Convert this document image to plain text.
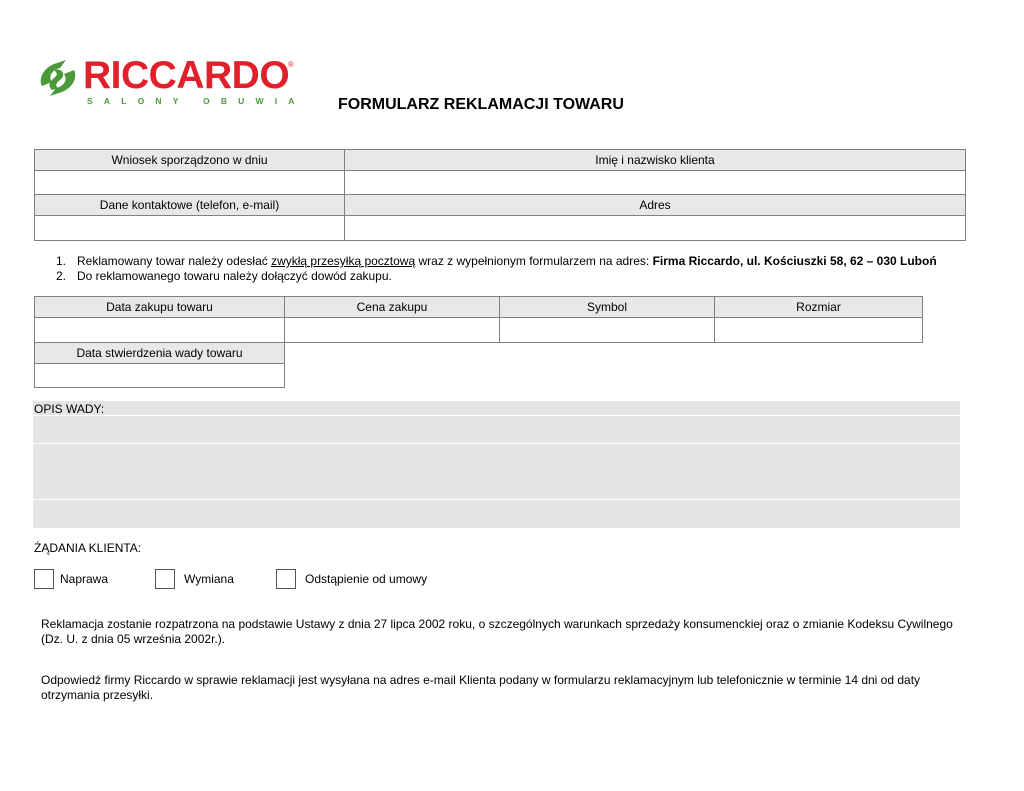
RICCARDO
®
SALONY OBUWIA FORMULARZ REKLAMACJI TOWARU
Wniosek sporządzono w dniu	Imię i nazwisko klienta

Dane kontaktowe (telefon, e-mail)	Adres

1. Reklamowany towar należy odesłać zwykłą przesyłką pocztową wraz z wypełnionym formularzem na adres: Firma Riccardo, ul. Kościuszki 58, 62 – 030 Luboń
2. Do reklamowanego towaru należy dołączyć dowód zakupu.
Data zakupu towaru	Cena zakupu	Symbol	Rozmiar

Data stwierdzenia wady towaru

OPIS WADY:
ŻĄDANIA KLIENTA:
Naprawa	Wymiana	Odstąpienie od umowy
Reklamacja zostanie rozpatrzona na podstawie Ustawy z dnia 27 lipca 2002 roku, o szczególnych warunkach sprzedaży konsumenckiej oraz o zmianie Kodeksu Cywilnego (Dz. U. z dnia 05 września 2002r.).
Odpowiedź firmy Riccardo w sprawie reklamacji jest wysyłana na adres e-mail Klienta podany w formularzu reklamacyjnym lub telefonicznie w terminie 14 dni od daty otrzymania przesyłki.
